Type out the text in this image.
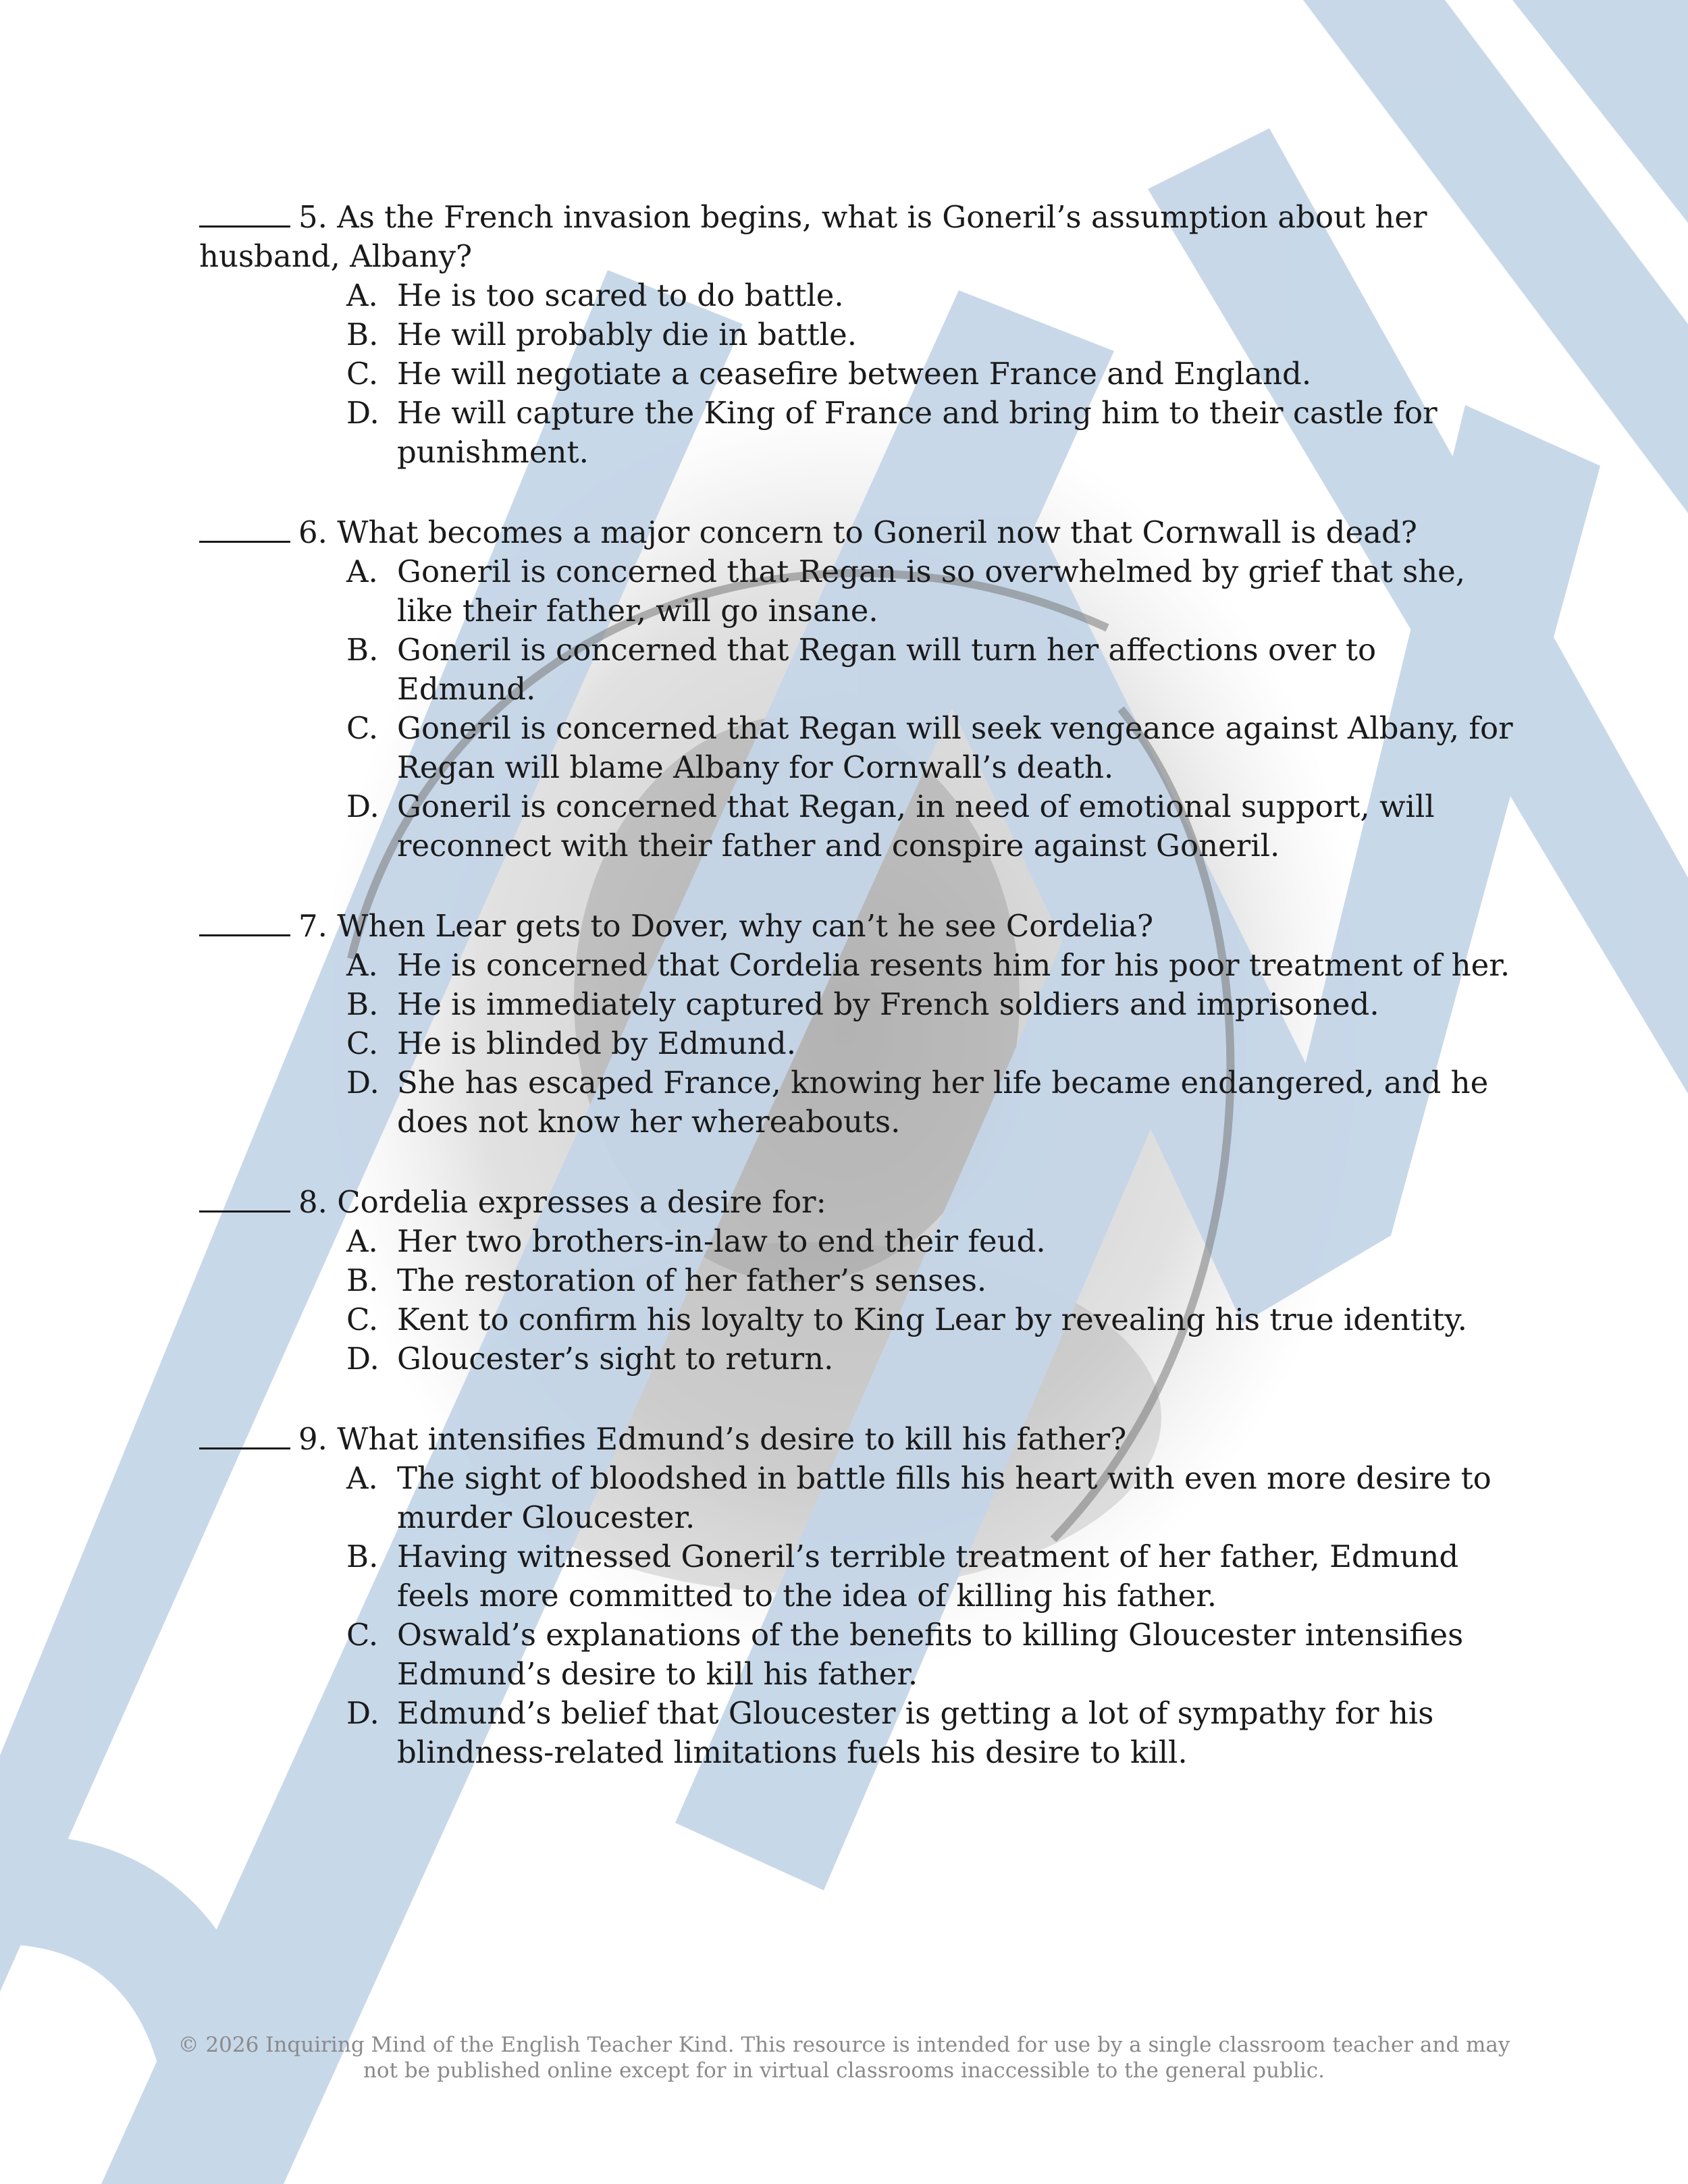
5. As the French invasion begins, what is Goneril’s assumption about her husband, Albany?

A. He is too scared to do battle.
B. He will probably die in battle.
C. He will negotiate a ceasefire between France and England.
D. He will capture the King of France and bring him to their castle for punishment.

6. What becomes a major concern to Goneril now that Cornwall is dead?

A. Goneril is concerned that Regan is so overwhelmed by grief that she, like their father, will go insane.
B. Goneril is concerned that Regan will turn her affections over to Edmund.
C. Goneril is concerned that Regan will seek vengeance against Albany, for Regan will blame Albany for Cornwall’s death.
D. Goneril is concerned that Regan, in need of emotional support, will reconnect with their father and conspire against Goneril.

7. When Lear gets to Dover, why can’t he see Cordelia?

A. He is concerned that Cordelia resents him for his poor treatment of her.
B. He is immediately captured by French soldiers and imprisoned.
C. He is blinded by Edmund.
D. She has escaped France, knowing her life became endangered, and he does not know her whereabouts.

8. Cordelia expresses a desire for:

A. Her two brothers-in-law to end their feud.
B. The restoration of her father’s senses.
C. Kent to confirm his loyalty to King Lear by revealing his true identity.
D. Gloucester’s sight to return.

9. What intensifies Edmund’s desire to kill his father?

A. The sight of bloodshed in battle fills his heart with even more desire to murder Gloucester.
B. Having witnessed Goneril’s terrible treatment of her father, Edmund feels more committed to the idea of killing his father.
C. Oswald’s explanations of the benefits to killing Gloucester intensifies Edmund’s desire to kill his father.
D. Edmund’s belief that Gloucester is getting a lot of sympathy for his blindness-related limitations fuels his desire to kill.
© 2026 Inquiring Mind of the English Teacher Kind. This resource is intended for use by a single classroom teacher and may
not be published online except for in virtual classrooms inaccessible to the general public.
